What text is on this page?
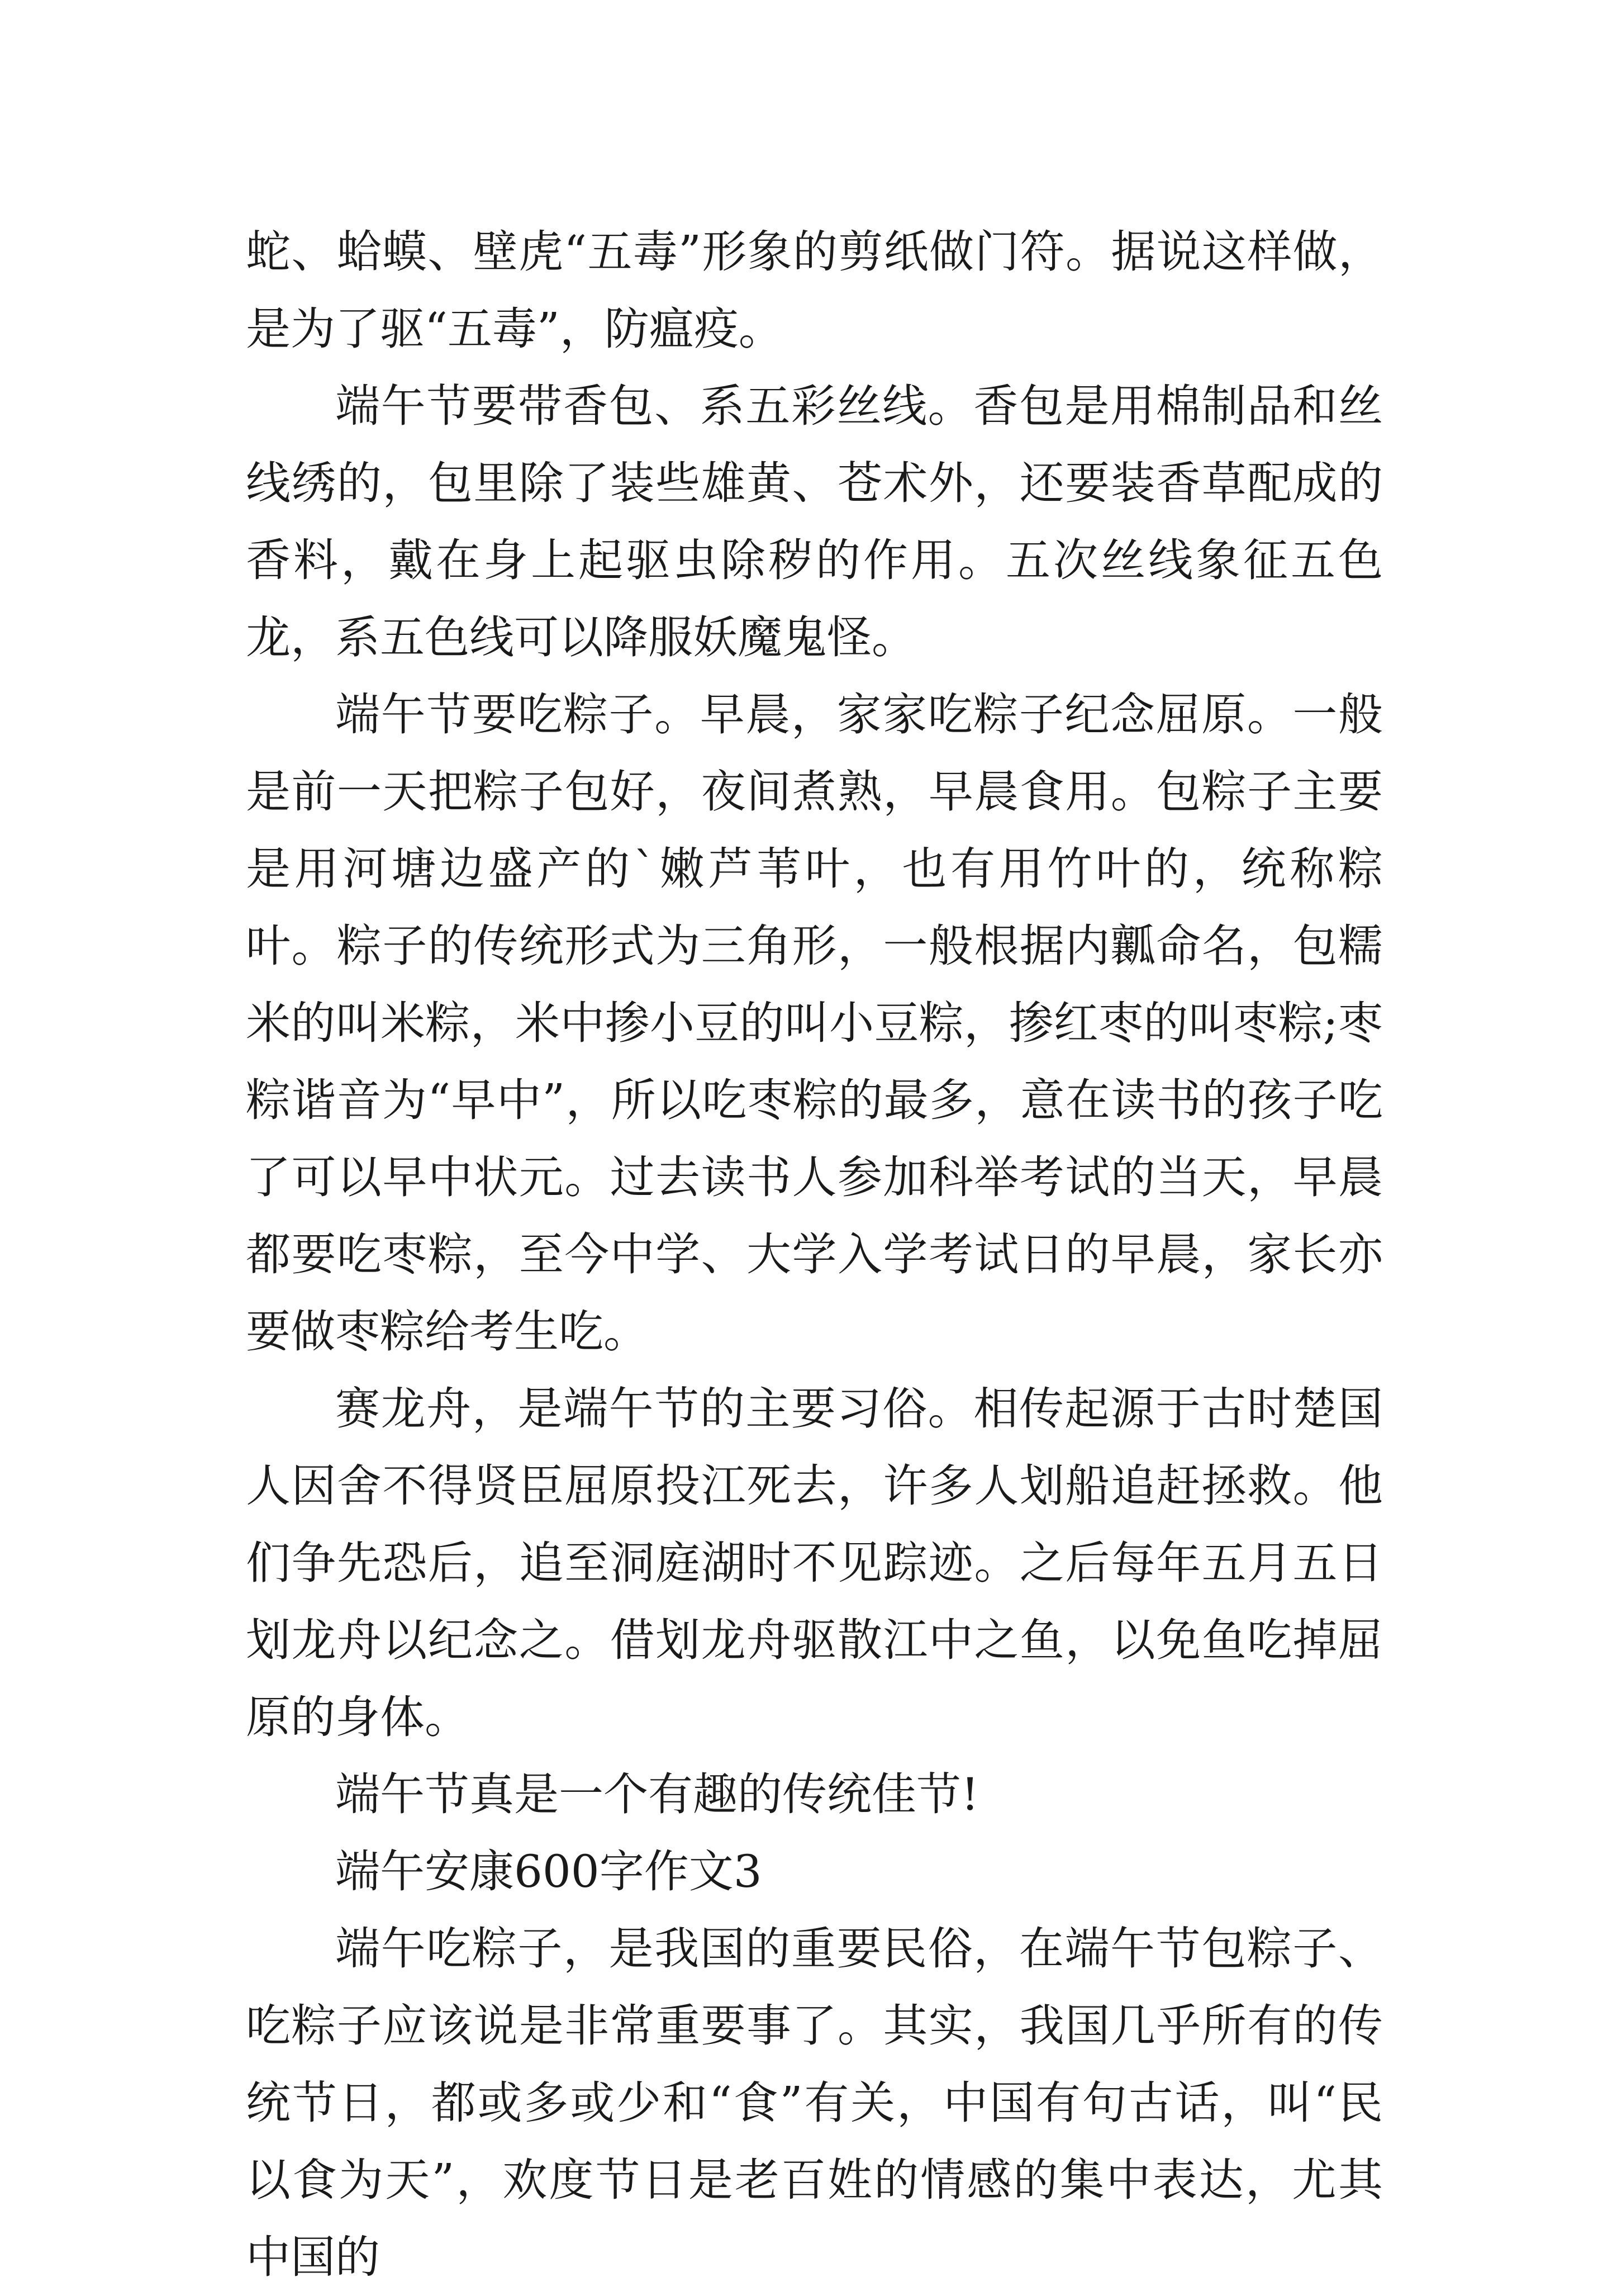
蛇、蛤蟆、壁虎“五毒”形象的剪纸做门符。据说这样做，是为了驱“五毒”，防瘟疫。

端午节要带香包、系五彩丝线。香包是用棉制品和丝线绣的，包里除了装些雄黄、苍术外，还要装香草配成的香料，戴在身上起驱虫除秽的作用。五次丝线象征五色龙，系五色线可以降服妖魔鬼怪。

端午节要吃粽子。早晨，家家吃粽子纪念屈原。一般是前一天把粽子包好，夜间煮熟，早晨食用。包粽子主要是用河塘边盛产的`嫩芦苇叶，也有用竹叶的，统称粽叶。粽子的传统形式为三角形，一般根据内瓤命名，包糯米的叫米粽，米中掺小豆的叫小豆粽，掺红枣的叫枣粽;枣粽谐音为“早中”，所以吃枣粽的最多，意在读书的孩子吃了可以早中状元。过去读书人参加科举考试的当天，早晨都要吃枣粽，至今中学、大学入学考试日的早晨，家长亦要做枣粽给考生吃。

赛龙舟，是端午节的主要习俗。相传起源于古时楚国人因舍不得贤臣屈原投江死去，许多人划船追赶拯救。他们争先恐后，追至洞庭湖时不见踪迹。之后每年五月五日划龙舟以纪念之。借划龙舟驱散江中之鱼，以免鱼吃掉屈原的身体。

端午节真是一个有趣的传统佳节!

端午安康600字作文3

端午吃粽子，是我国的重要民俗，在端午节包粽子、吃粽子应该说是非常重要事了。其实，我国几乎所有的传统节日，都或多或少和“食”有关，中国有句古话，叫“民以食为天”，欢度节日是老百姓的情感的集中表达，尤其中国的
